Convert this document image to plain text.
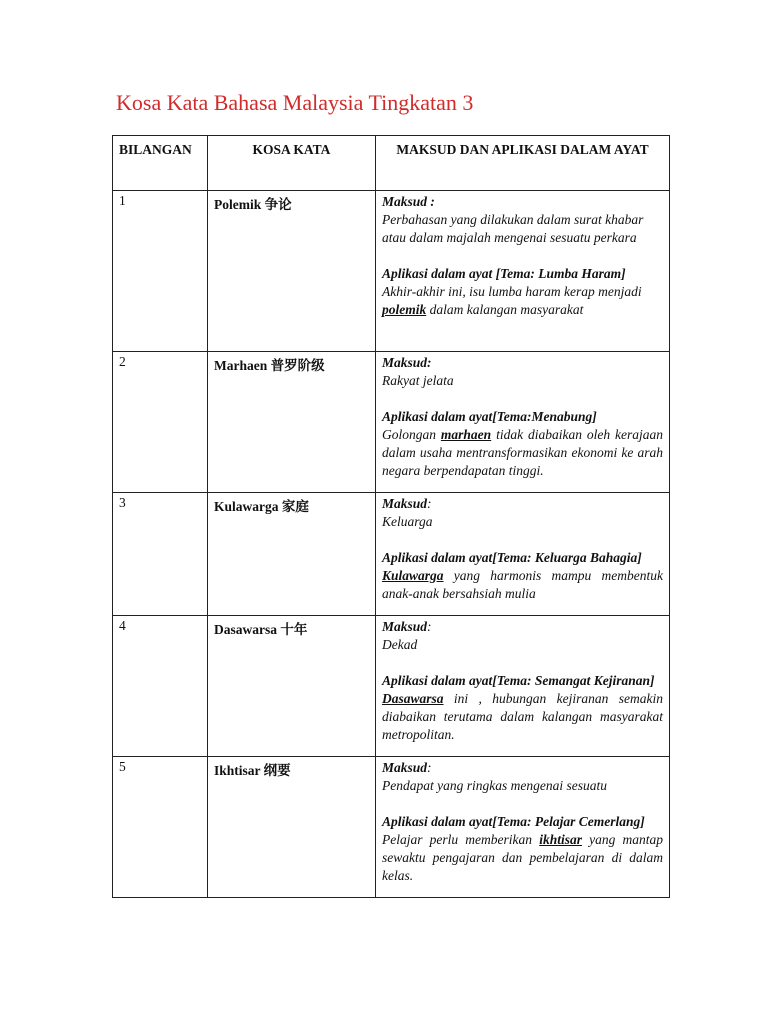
Kosa Kata Bahasa Malaysia Tingkatan 3
BILANGAN	KOSA KATA	MAKSUD DAN APLIKASI DALAM AYAT
1	Polemik 争论	Maksud :
Perbahasan yang dilakukan dalam surat khabar atau dalam majalah mengenai sesuatu perkara
Aplikasi dalam ayat [Tema: Lumba Haram]
Akhir-akhir ini, isu lumba haram kerap menjadi polemik dalam kalangan masyarakat

2	Marhaen 普罗阶级	Maksud:
Rakyat jelata
Aplikasi dalam ayat[Tema:Menabung]
Golongan marhaen tidak diabaikan oleh kerajaan dalam usaha mentransformasikan ekonomi ke arah negara berpendapatan tinggi.

3	Kulawarga 家庭	Maksud:
Keluarga
Aplikasi dalam ayat[Tema: Keluarga Bahagia]
Kulawarga yang harmonis mampu membentuk anak-anak bersahsiah mulia

4	Dasawarsa 十年	Maksud:
Dekad
Aplikasi dalam ayat[Tema: Semangat Kejiranan]
Dasawarsa ini , hubungan kejiranan semakin diabaikan terutama dalam kalangan masyarakat metropolitan.

5	Ikhtisar 纲要	Maksud:
Pendapat yang ringkas mengenai sesuatu
Aplikasi dalam ayat[Tema: Pelajar Cemerlang]
Pelajar perlu memberikan ikhtisar yang mantap sewaktu pengajaran dan pembelajaran di dalam kelas.
